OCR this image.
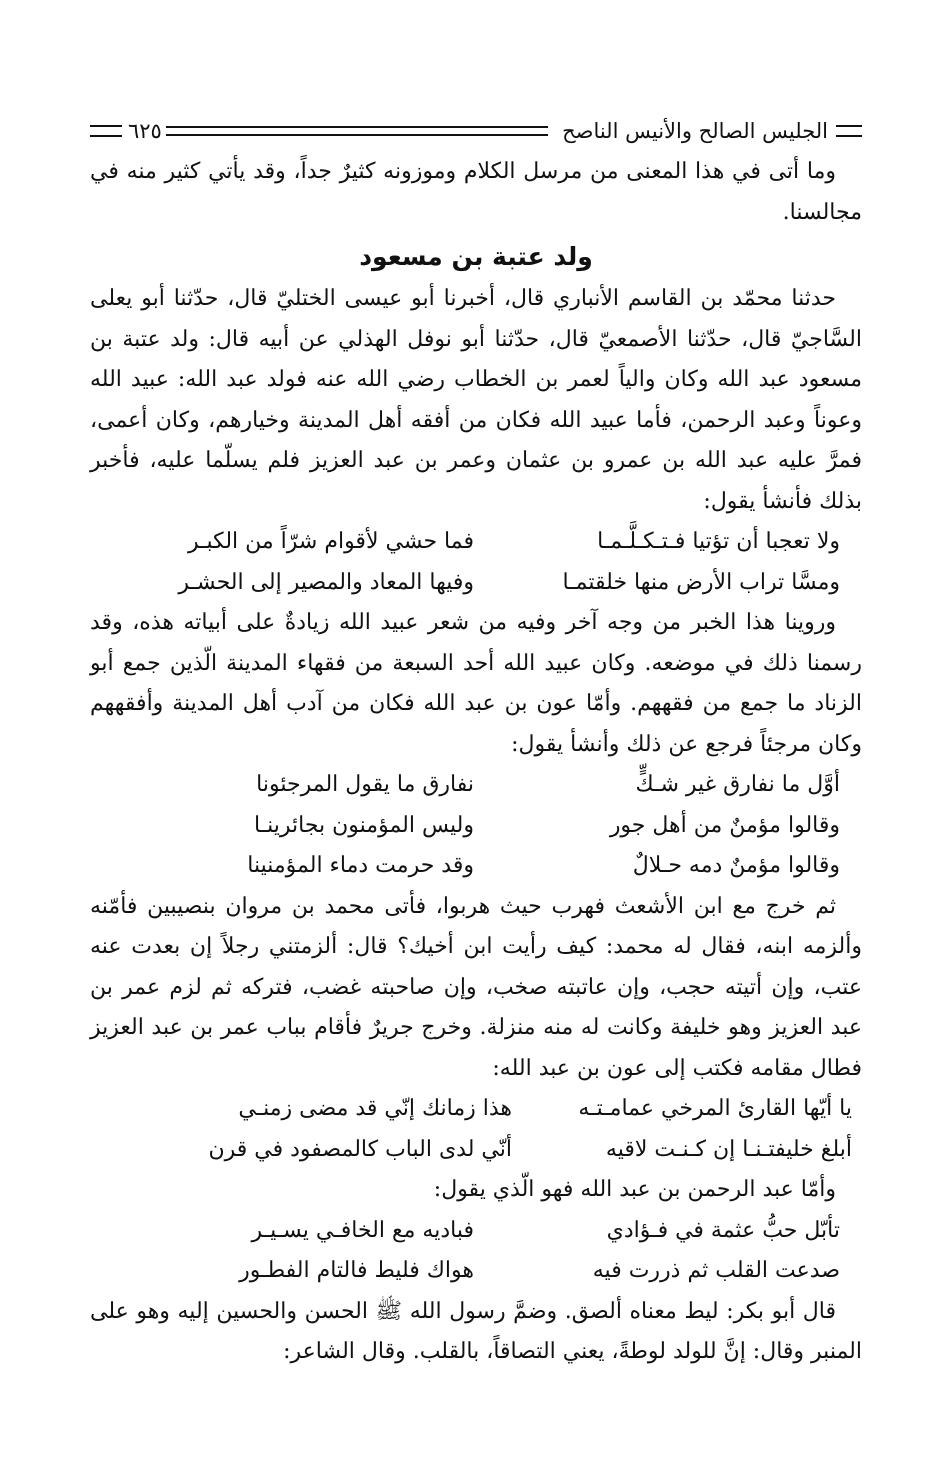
الجليس الصالح والأنيس الناصح
٦٢٥

وما أتى في هذا المعنى من مرسل الكلام وموزونه كثيرٌ جداً، وقد يأتي كثير منه في مجالسنا.

ولد عتبة بن مسعود

حدثنا محمّد بن القاسم الأنباري قال، أخبرنا أبو عيسى الختليّ قال، حدّثنا أبو يعلى السَّاجيّ قال، حدّثنا الأصمعيّ قال، حدّثنا أبو نوفل الهذلي عن أبيه قال: ولد عتبة بن مسعود عبد الله وكان والياً لعمر بن الخطاب رضي الله عنه فولد عبد الله: عبيد الله وعوناً وعبد الرحمن، فأما عبيد الله فكان من أفقه أهل المدينة وخيارهم، وكان أعمى، فمرَّ عليه عبد الله بن عمرو بن عثمان وعمر بن عبد العزيز فلم يسلّما عليه، فأخبر بذلك فأنشأ يقول:

ولا تعجبا أن تؤتيا فـتـكـلَّـمـا
فما حشي لأقوام شرّاً من الكبـر
ومسَّا تراب الأرض منها خلقتمـا
وفيها المعاد والمصير إلى الحشـر

وروينا هذا الخبر من وجه آخر وفيه من شعر عبيد الله زيادةٌ على أبياته هذه، وقد رسمنا ذلك في موضعه. وكان عبيد الله أحد السبعة من فقهاء المدينة الّذين جمع أبو الزناد ما جمع من فقههم. وأمّا عون بن عبد الله فكان من آدب أهل المدينة وأفقههم وكان مرجئاً فرجع عن ذلك وأنشأ يقول:

أوَّل ما نفارق غير شـكٍّ
نفارق ما يقول المرجئونا
وقالوا مؤمنٌ من أهل جور
وليس المؤمنون بجائرينـا
وقالوا مؤمنٌ دمه حـلالٌ
وقد حرمت دماء المؤمنينا

ثم خرج مع ابن الأشعث فهرب حيث هربوا، فأتى محمد بن مروان بنصيبين فأمّنه وألزمه ابنه، فقال له محمد: كيف رأيت ابن أخيك؟ قال: ألزمتني رجلاً إن بعدت عنه عتب، وإن أتيته حجب، وإن عاتبته صخب، وإن صاحبته غضب، فتركه ثم لزم عمر بن عبد العزيز وهو خليفة وكانت له منه منزلة. وخرج جريرٌ فأقام بباب عمر بن عبد العزيز فطال مقامه فكتب إلى عون بن عبد الله:

يا أيّها القارئ المرخي عمامـتـه
هذا زمانك إنّي قد مضى زمنـي
أبلغ خليفتـنـا إن كـنـت لاقيه
أنّي لدى الباب كالمصفود في قرن

وأمّا عبد الرحمن بن عبد الله فهو الّذي يقول:

تأبّل حبُّ عثمة في فـؤادي
فباديه مع الخافـي يسـيـر
صدعت القلب ثم ذررت فيه
هواك فليط فالتام الفطـور

قال أبو بكر: ليط معناه ألصق. وضمَّ رسول الله ﷺ الحسن والحسين إليه وهو على المنبر وقال: إنَّ للولد لوطةً، يعني التصاقاً، بالقلب. وقال الشاعر:
